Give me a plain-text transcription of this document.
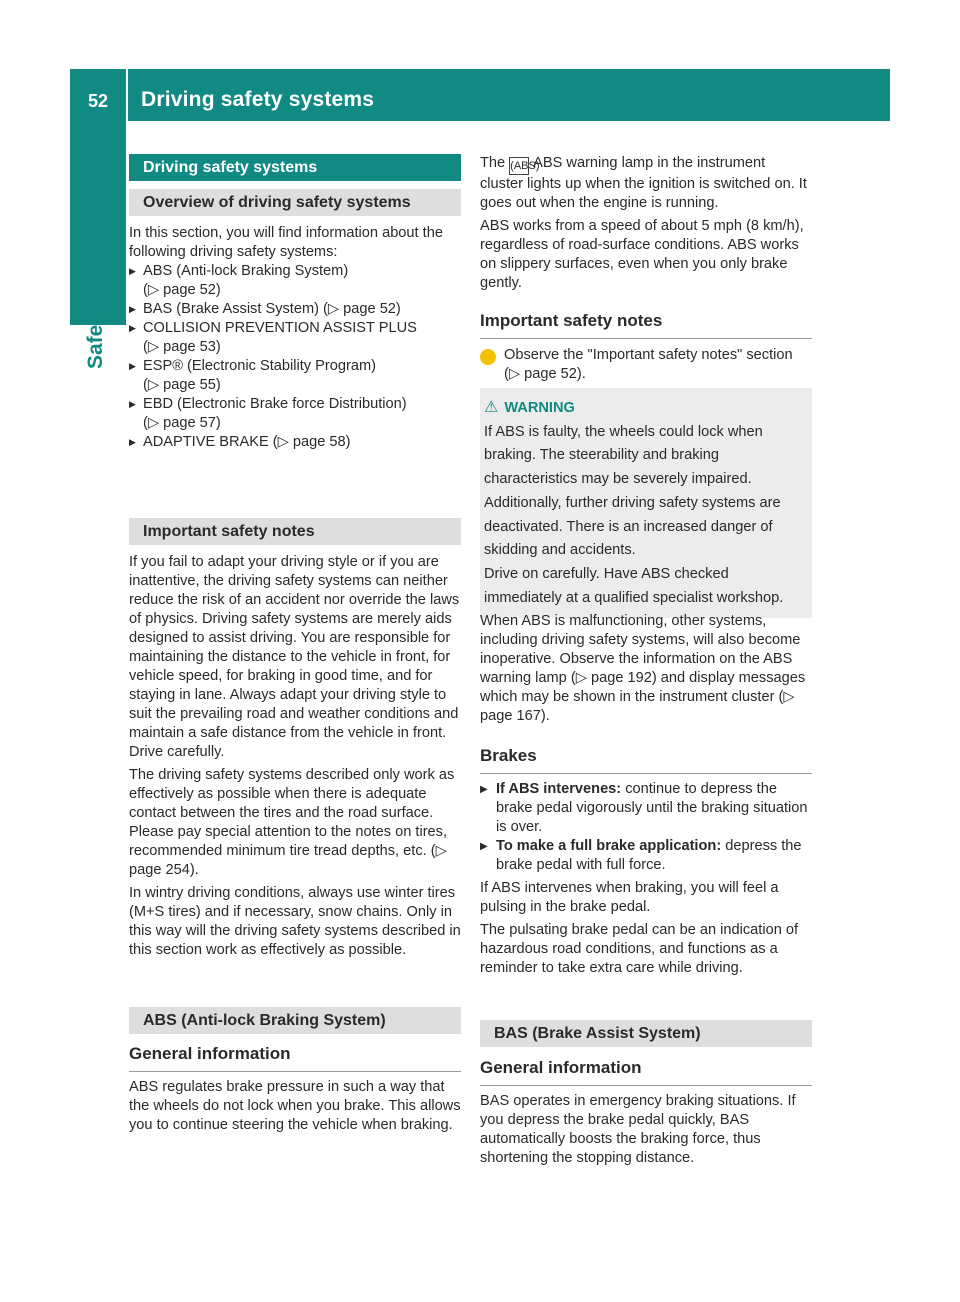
52 Driving safety systems
Safety
Driving safety systems
Overview of driving safety systems

In this section, you will find information about the following driving safety systems:

▶ ABS (Anti-lock Braking System)
(▷ page 52)
▶ BAS (Brake Assist System) (▷ page 52)
▶ COLLISION PREVENTION ASSIST PLUS
(▷ page 53)
▶ ESP® (Electronic Stability Program)
(▷ page 55)
▶ EBD (Electronic Brake force Distribution)
(▷ page 57)
▶ ADAPTIVE BRAKE (▷ page 58)
Important safety notes

If you fail to adapt your driving style or if you are inattentive, the driving safety systems can neither reduce the risk of an accident nor override the laws of physics. Driving safety systems are merely aids designed to assist driving. You are responsible for maintaining the distance to the vehicle in front, for vehicle speed, for braking in good time, and for staying in lane. Always adapt your driving style to suit the prevailing road and weather conditions and maintain a safe distance from the vehicle in front. Drive carefully.

The driving safety systems described only work as effectively as possible when there is adequate contact between the tires and the road surface. Please pay special attention to the notes on tires, recommended minimum tire tread depths, etc. (▷ page 254).

In wintry driving conditions, always use winter tires (M+S tires) and if necessary, snow chains. Only in this way will the driving safety systems described in this section work as effectively as possible.

ABS (Anti-lock Braking System)
General information

ABS regulates brake pressure in such a way that the wheels do not lock when you brake. This allows you to continue steering the vehicle when braking.

The (ABS)ABS warning lamp in the instrument cluster lights up when the ignition is switched on. It goes out when the engine is running.

ABS works from a speed of about 5 mph (8 km/h), regardless of road-surface conditions. ABS works on slippery surfaces, even when you only brake gently.

Important safety notes

i Observe the "Important safety notes" section (▷ page 52).

⚠ WARNING

If ABS is faulty, the wheels could lock when braking. The steerability and braking characteristics may be severely impaired. Additionally, further driving safety systems are deactivated. There is an increased danger of skidding and accidents.

Drive on carefully. Have ABS checked immediately at a qualified specialist workshop.

When ABS is malfunctioning, other systems, including driving safety systems, will also become inoperative. Observe the information on the ABS warning lamp (▷ page 192) and display messages which may be shown in the instrument cluster (▷ page 167).

Brakes
▶ If ABS intervenes: continue to depress the brake pedal vigorously until the braking situation is over.
▶ To make a full brake application: depress the brake pedal with full force.

If ABS intervenes when braking, you will feel a pulsing in the brake pedal.

The pulsating brake pedal can be an indication of hazardous road conditions, and functions as a reminder to take extra care while driving.

BAS (Brake Assist System)
General information

BAS operates in emergency braking situations. If you depress the brake pedal quickly, BAS automatically boosts the braking force, thus shortening the stopping distance.
